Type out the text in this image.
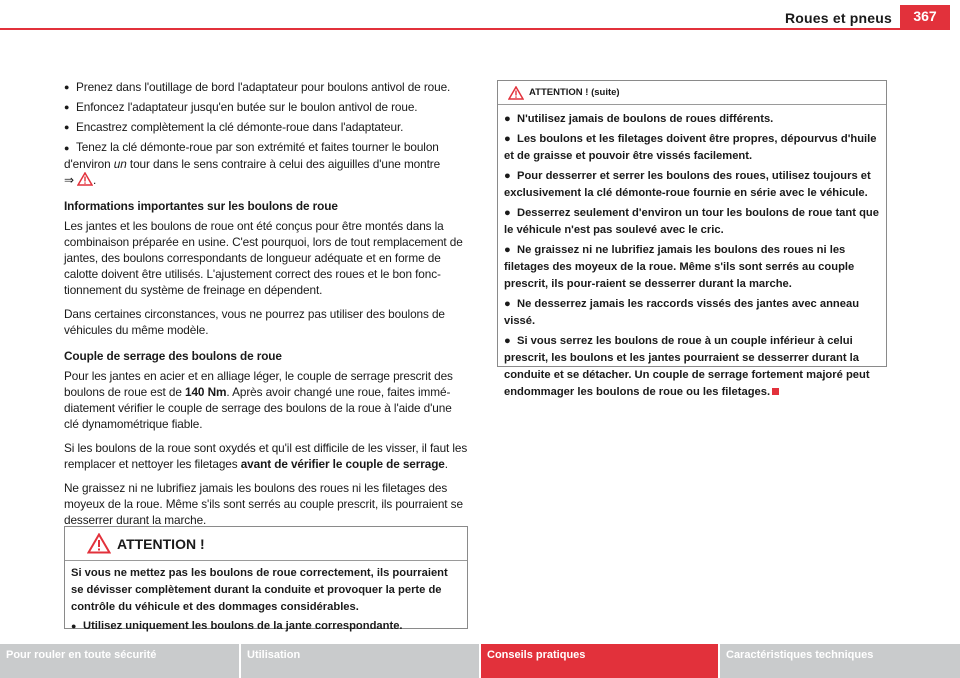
Roues et pneus	367
● Prenez dans l'outillage de bord l'adaptateur pour boulons antivol de roue.
● Enfoncez l'adaptateur jusqu'en butée sur le boulon antivol de roue.
● Encastrez complètement la clé démonte-roue dans l'adaptateur.
● Tenez la clé démonte-roue par son extrémité et faites tourner le boulon d'environ un tour dans le sens contraire à celui des aiguilles d'une montre
⇒ .
Informations importantes sur les boulons de roue
Les jantes et les boulons de roue ont été conçus pour être montés dans la combinaison préparée en usine. C'est pourquoi, lors de tout remplacement de jantes, des boulons correspondants de longueur adéquate et en forme de calotte doivent être utilisés. L'ajustement correct des roues et le bon fonc-tionnement du système de freinage en dépendent.
Dans certaines circonstances, vous ne pourrez pas utiliser des boulons de véhicules du même modèle.
Couple de serrage des boulons de roue
Pour les jantes en acier et en alliage léger, le couple de serrage prescrit des boulons de roue est de 140 Nm. Après avoir changé une roue, faites immé-diatement vérifier le couple de serrage des boulons de la roue à l'aide d'une clé dynamométrique fiable.
Si les boulons de la roue sont oxydés et qu'il est difficile de les visser, il faut les remplacer et nettoyer les filetages avant de vérifier le couple de serrage.
Ne graissez ni ne lubrifiez jamais les boulons des roues ni les filetages des moyeux de la roue. Même s'ils sont serrés au couple prescrit, ils pourraient se desserrer durant la marche.
ATTENTION !
Si vous ne mettez pas les boulons de roue correctement, ils pourraient se dévisser complètement durant la conduite et provoquer la perte de contrôle du véhicule et des dommages considérables.
● Utilisez uniquement les boulons de la jante correspondante.
ATTENTION ! (suite)
●  N'utilisez jamais de boulons de roues différents.
●  Les boulons et les filetages doivent être propres, dépourvus d'huile et de graisse et pouvoir être vissés facilement.
●  Pour desserrer et serrer les boulons des roues, utilisez toujours et exclusivement la clé démonte-roue fournie en série avec le véhicule.
●  Desserrez seulement d'environ un tour les boulons de roue tant que le véhicule n'est pas soulevé avec le cric.
●  Ne graissez ni ne lubrifiez jamais les boulons des roues ni les filetages des moyeux de la roue. Même s'ils sont serrés au couple prescrit, ils pour-raient se desserrer durant la marche.
●  Ne desserrez jamais les raccords vissés des jantes avec anneau vissé.
●  Si vous serrez les boulons de roue à un couple inférieur à celui prescrit, les boulons et les jantes pourraient se desserrer durant la conduite et se détacher. Un couple de serrage fortement majoré peut endommager les boulons de roue ou les filetages.
Pour rouler en toute sécurité	Utilisation	Conseils pratiques	Caractéristiques techniques
